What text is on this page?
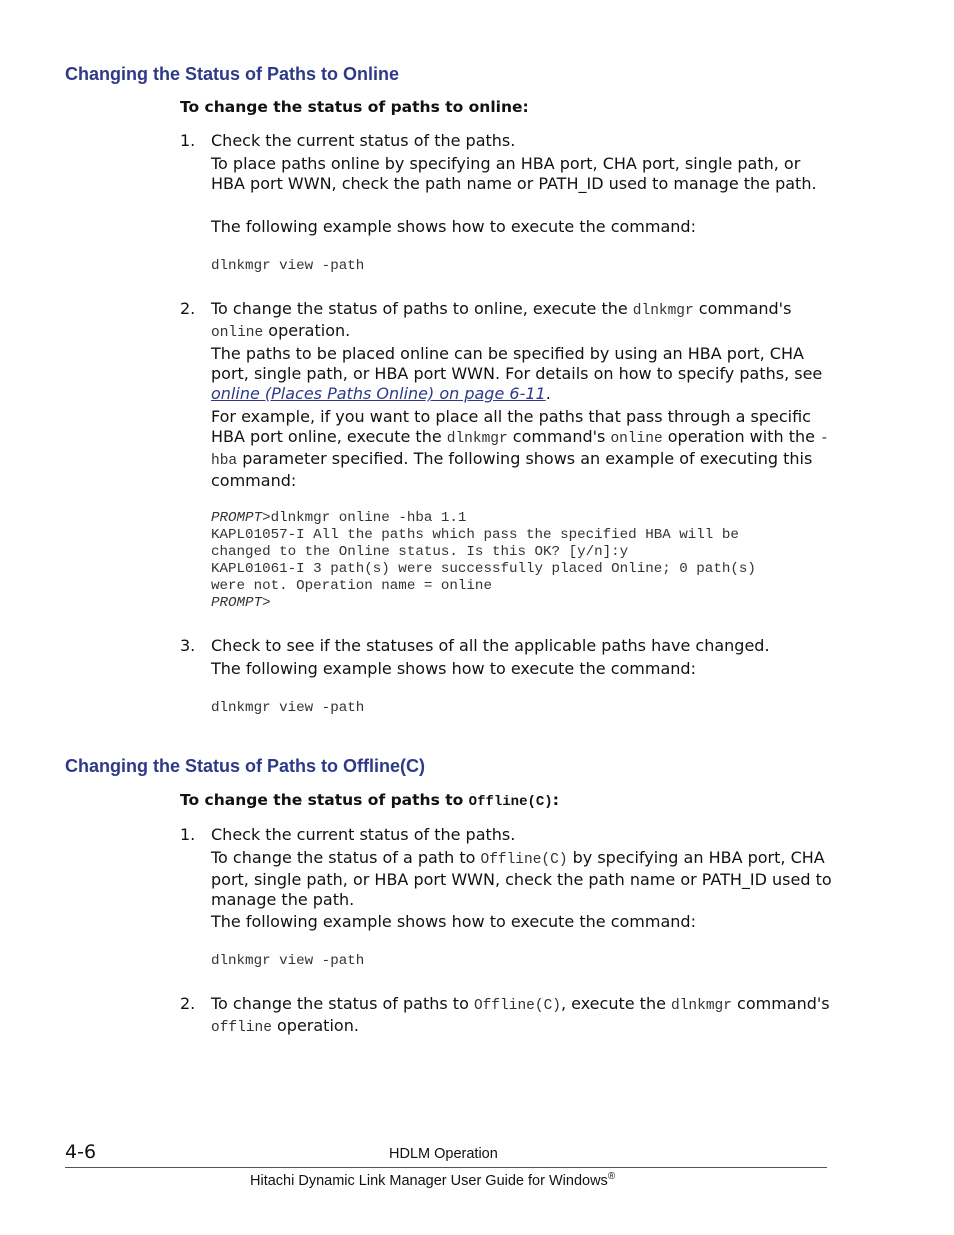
Changing the Status of Paths to Online
To change the status of paths to online:
1. Check the current status of the paths.

To place paths online by specifying an HBA port, CHA port, single path, or HBA port WWN, check the path name or PATH_ID used to manage the path.

The following example shows how to execute the command:

dlnkmgr view -path
2. To change the status of paths to online, execute the dlnkmgr command's online operation.

The paths to be placed online can be specified by using an HBA port, CHA port, single path, or HBA port WWN. For details on how to specify paths, see online (Places Paths Online) on page 6-11.

For example, if you want to place all the paths that pass through a specific HBA port online, execute the dlnkmgr command's online operation with the -hba parameter specified. The following shows an example of executing this command:

PROMPT>dlnkmgr online -hba 1.1
KAPL01057-I All the paths which pass the specified HBA will be
changed to the Online status. Is this OK? [y/n]:y
KAPL01061-I 3 path(s) were successfully placed Online; 0 path(s)
were not. Operation name = online
PROMPT>
3. Check to see if the statuses of all the applicable paths have changed.

The following example shows how to execute the command:

dlnkmgr view -path
Changing the Status of Paths to Offline(C)
To change the status of paths to Offline(C):
1. Check the current status of the paths.

To change the status of a path to Offline(C) by specifying an HBA port, CHA port, single path, or HBA port WWN, check the path name or PATH_ID used to manage the path.

The following example shows how to execute the command:

dlnkmgr view -path
2. To change the status of paths to Offline(C), execute the dlnkmgr command's offline operation.

4-6	HDLM Operation
Hitachi Dynamic Link Manager User Guide for Windows®
